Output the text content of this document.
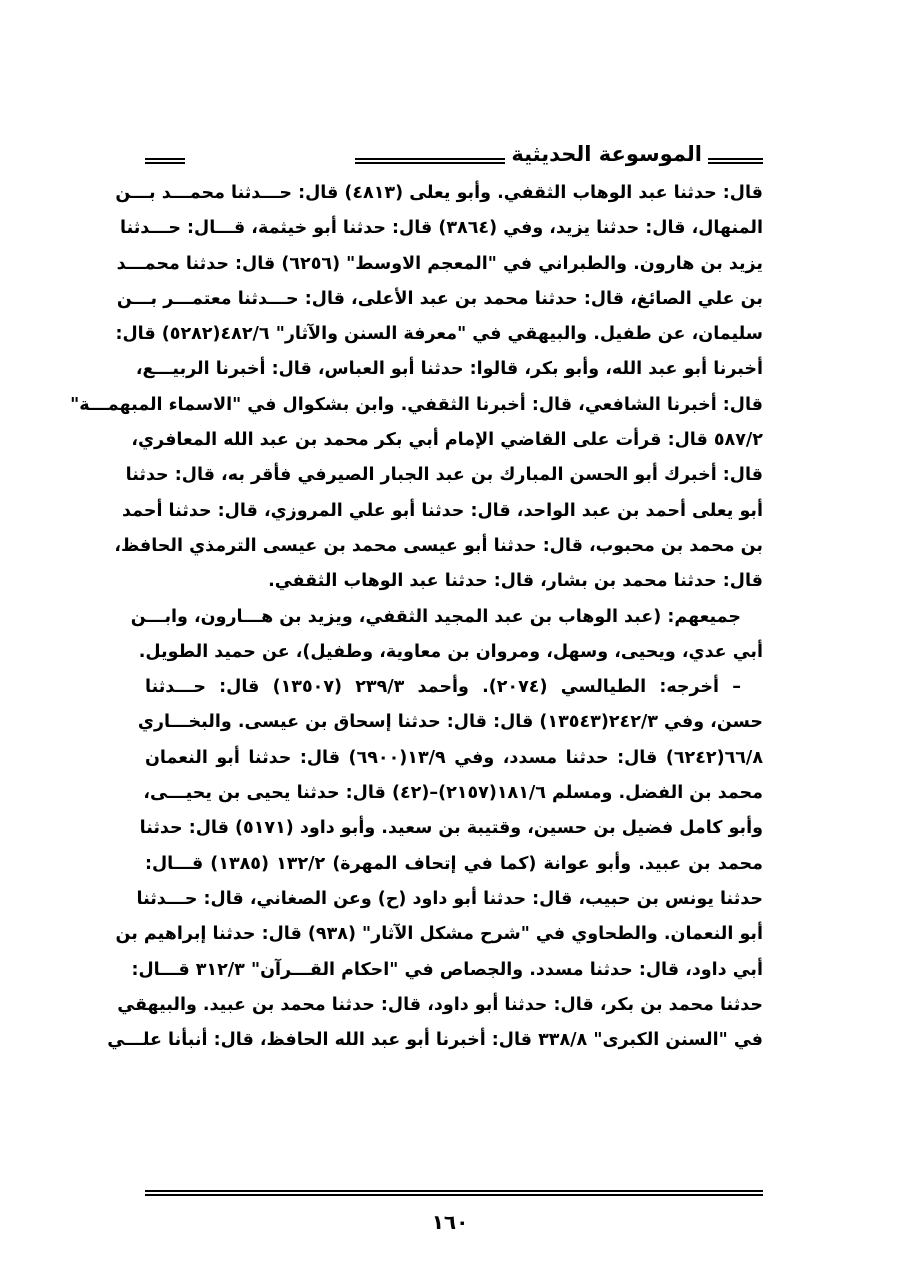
الموسوعة الحديثية
قال: حدثنا عبد الوهاب الثقفي. وأبو يعلى (٤٨١٣) قال: حـــدثنا محمـــد بـــن
المنهال، قال: حدثنا يزيد، وفي (٣٨٦٤) قال: حدثنا أبو خيثمة، قـــال: حـــدثنا
يزيد بن هارون. والطبراني في "المعجم الاوسط" (٦٢٥٦) قال: حدثنا محمـــد
بن علي الصائغ، قال: حدثنا محمد بن عبد الأعلى، قال: حـــدثنا معتمـــر بـــن
سليمان، عن طفيل. والبيهقي في "معرفة السنن والآثار" ٤٨٢/٦(٥٢٨٢) قال:
أخبرنا أبو عبد الله، وأبو بكر، قالوا: حدثنا أبو العباس، قال: أخبرنا الربيـــع،
قال: أخبرنا الشافعي، قال: أخبرنا الثقفي. وابن بشكوال في "الاسماء المبهمـــة"
٥٨٧/٢ قال: قرأت على القاضي الإمام أبي بكر محمد بن عبد الله المعافري،
قال: أخبرك أبو الحسن المبارك بن عبد الجبار الصيرفي فأقر به، قال: حدثنا
أبو يعلى أحمد بن عبد الواحد، قال: حدثنا أبو علي المروزي، قال: حدثنا أحمد
بن محمد بن محبوب، قال: حدثنا أبو عيسى محمد بن عيسى الترمذي الحافظ،
قال: حدثنا محمد بن بشار، قال: حدثنا عبد الوهاب الثقفي.
جميعهم: (عبد الوهاب بن عبد المجيد الثقفي، ويزيد بن هـــارون، وابـــن
أبي عدي، ويحيى، وسهل، ومروان بن معاوية، وطفيل)، عن حميد الطويل.
– أخرجه: الطيالسي (٢٠٧٤). وأحمد ٢٣٩/٣ (١٣٥٠٧) قال: حـــدثنا
حسن، وفي ٢٤٢/٣(١٣٥٤٣) قال: قال: حدثنا إسحاق بن عيسى. والبخـــاري
٦٦/٨(٦٢٤٢) قال: حدثنا مسدد، وفي ١٣/٩(٦٩٠٠) قال: حدثنا أبو النعمان
محمد بن الفضل. ومسلم ١٨١/٦(٢١٥٧)–(٤٢) قال: حدثنا يحيى بن يحيـــى،
وأبو كامل فضيل بن حسين، وقتيبة بن سعيد. وأبو داود (٥١٧١) قال: حدثنا
محمد بن عبيد. وأبو عوانة (كما في إتحاف المهرة) ١٣٢/٢ (١٣٨٥) قـــال:
حدثنا يونس بن حبيب، قال: حدثنا أبو داود (ح) وعن الصغاني، قال: حـــدثنا
أبو النعمان. والطحاوي في "شرح مشكل الآثار" (٩٣٨) قال: حدثنا إبراهيم بن
أبي داود، قال: حدثنا مسدد. والجصاص في "احكام القـــرآن" ٣١٢/٣ قـــال:
حدثنا محمد بن بكر، قال: حدثنا أبو داود، قال: حدثنا محمد بن عبيد. والبيهقي
في "السنن الكبرى" ٣٣٨/٨ قال: أخبرنا أبو عبد الله الحافظ، قال: أنبأنا علـــي
١٦٠
